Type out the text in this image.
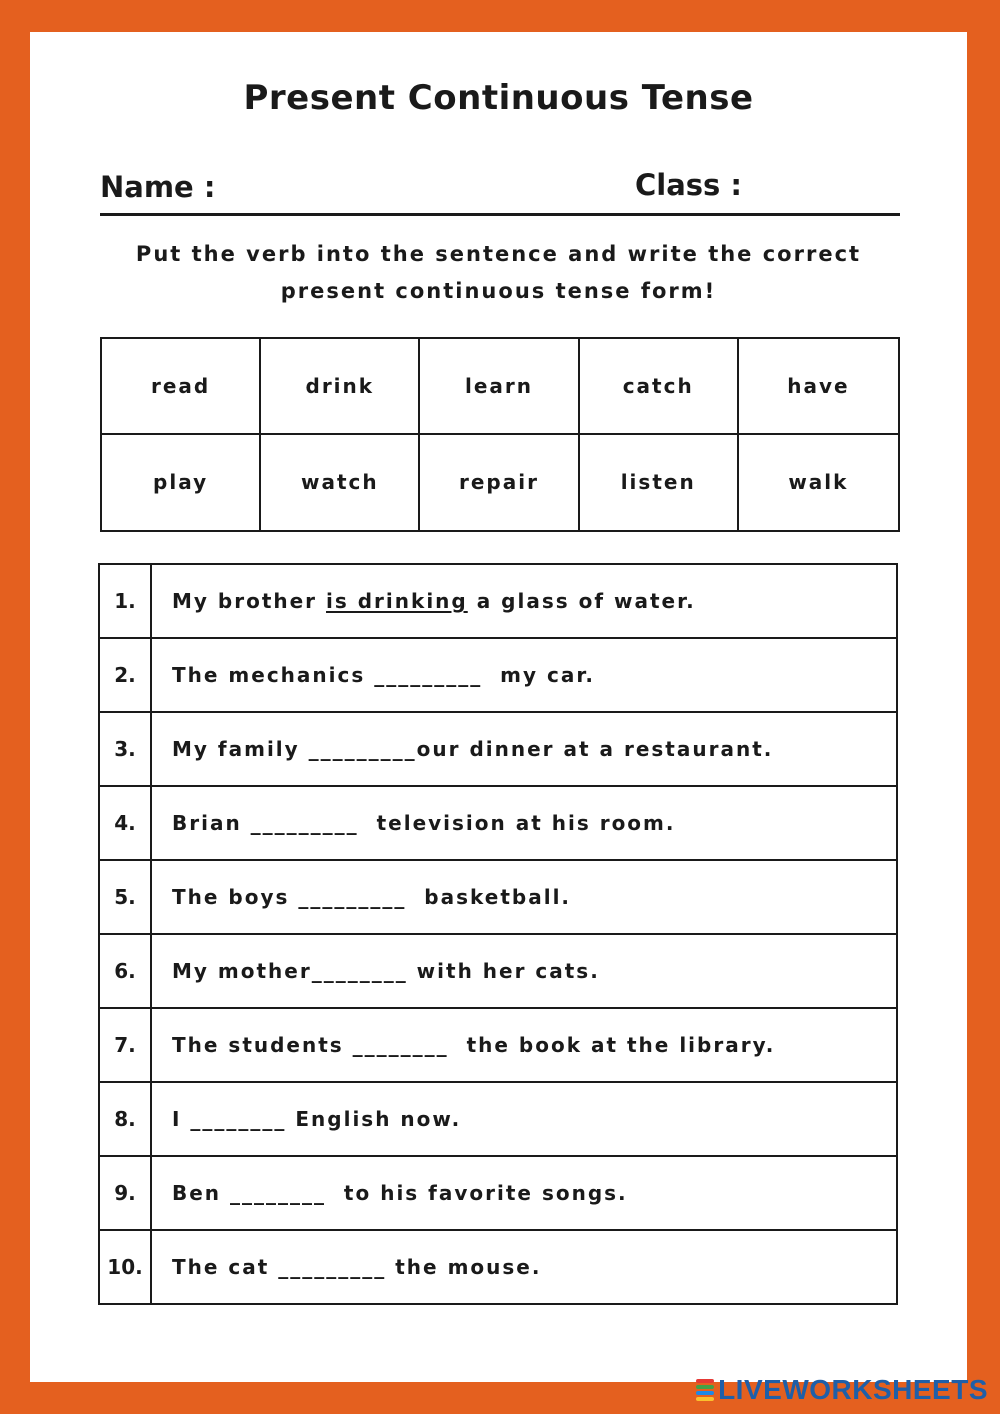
Present Continuous Tense
Name :	Class :
Put the verb into the sentence and write the correct
present continuous tense form!
read	drink	learn	catch	have
play	watch	repair	listen	walk
1.	My brother is drinking a glass of water.
2.	The mechanics _________  my car.
3.	My family _________our dinner at a restaurant.
4.	Brian _________  television at his room.
5.	The boys _________  basketball.
6.	My mother________ with her cats.
7.	The students ________  the book at the library.
8.	I ________ English now.
9.	Ben ________  to his favorite songs.
10.	The cat _________ the mouse.
LIVEWORKSHEETS
